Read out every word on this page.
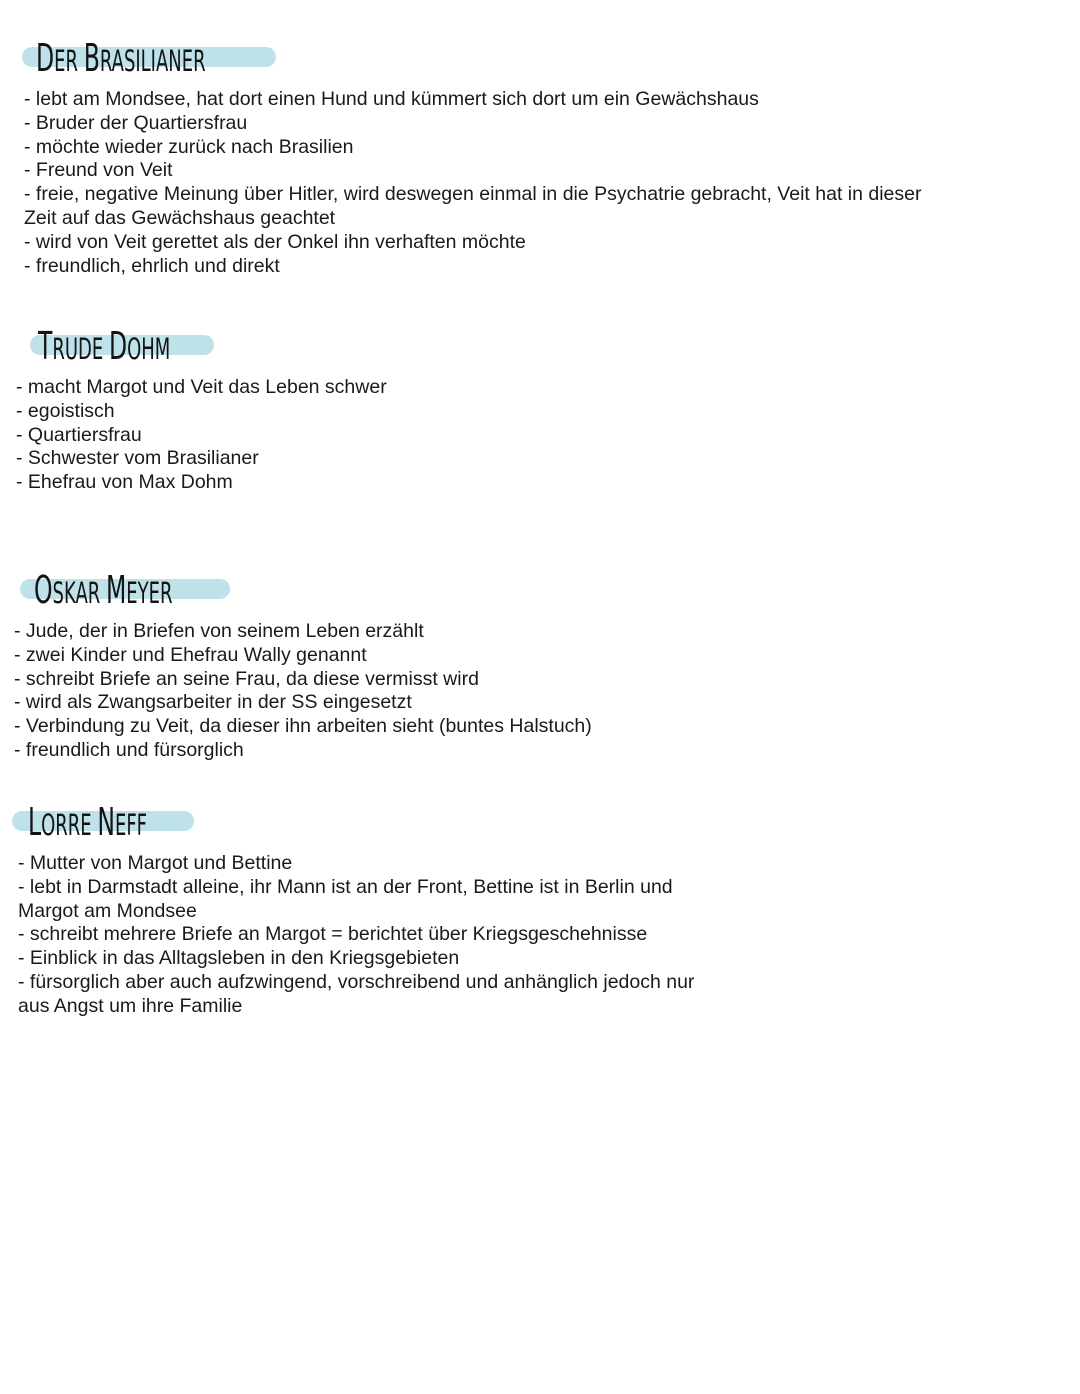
DER BRASILIANER
- lebt am Mondsee, hat dort einen Hund und kümmert sich dort um ein Gewächshaus
- Bruder der Quartiersfrau
- möchte wieder zurück nach Brasilien
- Freund von Veit
- freie, negative Meinung über Hitler, wird deswegen einmal in die Psychatrie gebracht, Veit hat in dieser Zeit auf das Gewächshaus geachtet
- wird von Veit gerettet als der Onkel ihn verhaften möchte
- freundlich, ehrlich und direkt
TRUDE DOHM
- macht Margot und Veit das Leben schwer
- egoistisch
- Quartiersfrau
- Schwester vom Brasilianer
- Ehefrau von Max Dohm
OSKAR MEYER
- Jude, der in Briefen von seinem Leben erzählt
- zwei Kinder und Ehefrau Wally genannt
- schreibt Briefe an seine Frau, da diese vermisst wird
- wird als Zwangsarbeiter in der SS eingesetzt
- Verbindung zu Veit, da dieser ihn arbeiten sieht (buntes Halstuch)
- freundlich und fürsorglich
LORRE NEFF
- Mutter von Margot und Bettine
- lebt in Darmstadt alleine, ihr Mann ist an der Front, Bettine ist in Berlin und Margot am Mondsee
- schreibt mehrere Briefe an Margot = berichtet über Kriegsgeschehnisse
- Einblick in das Alltagsleben in den Kriegsgebieten
- fürsorglich aber auch aufzwingend, vorschreibend und anhänglich jedoch nur aus Angst um ihre Familie
